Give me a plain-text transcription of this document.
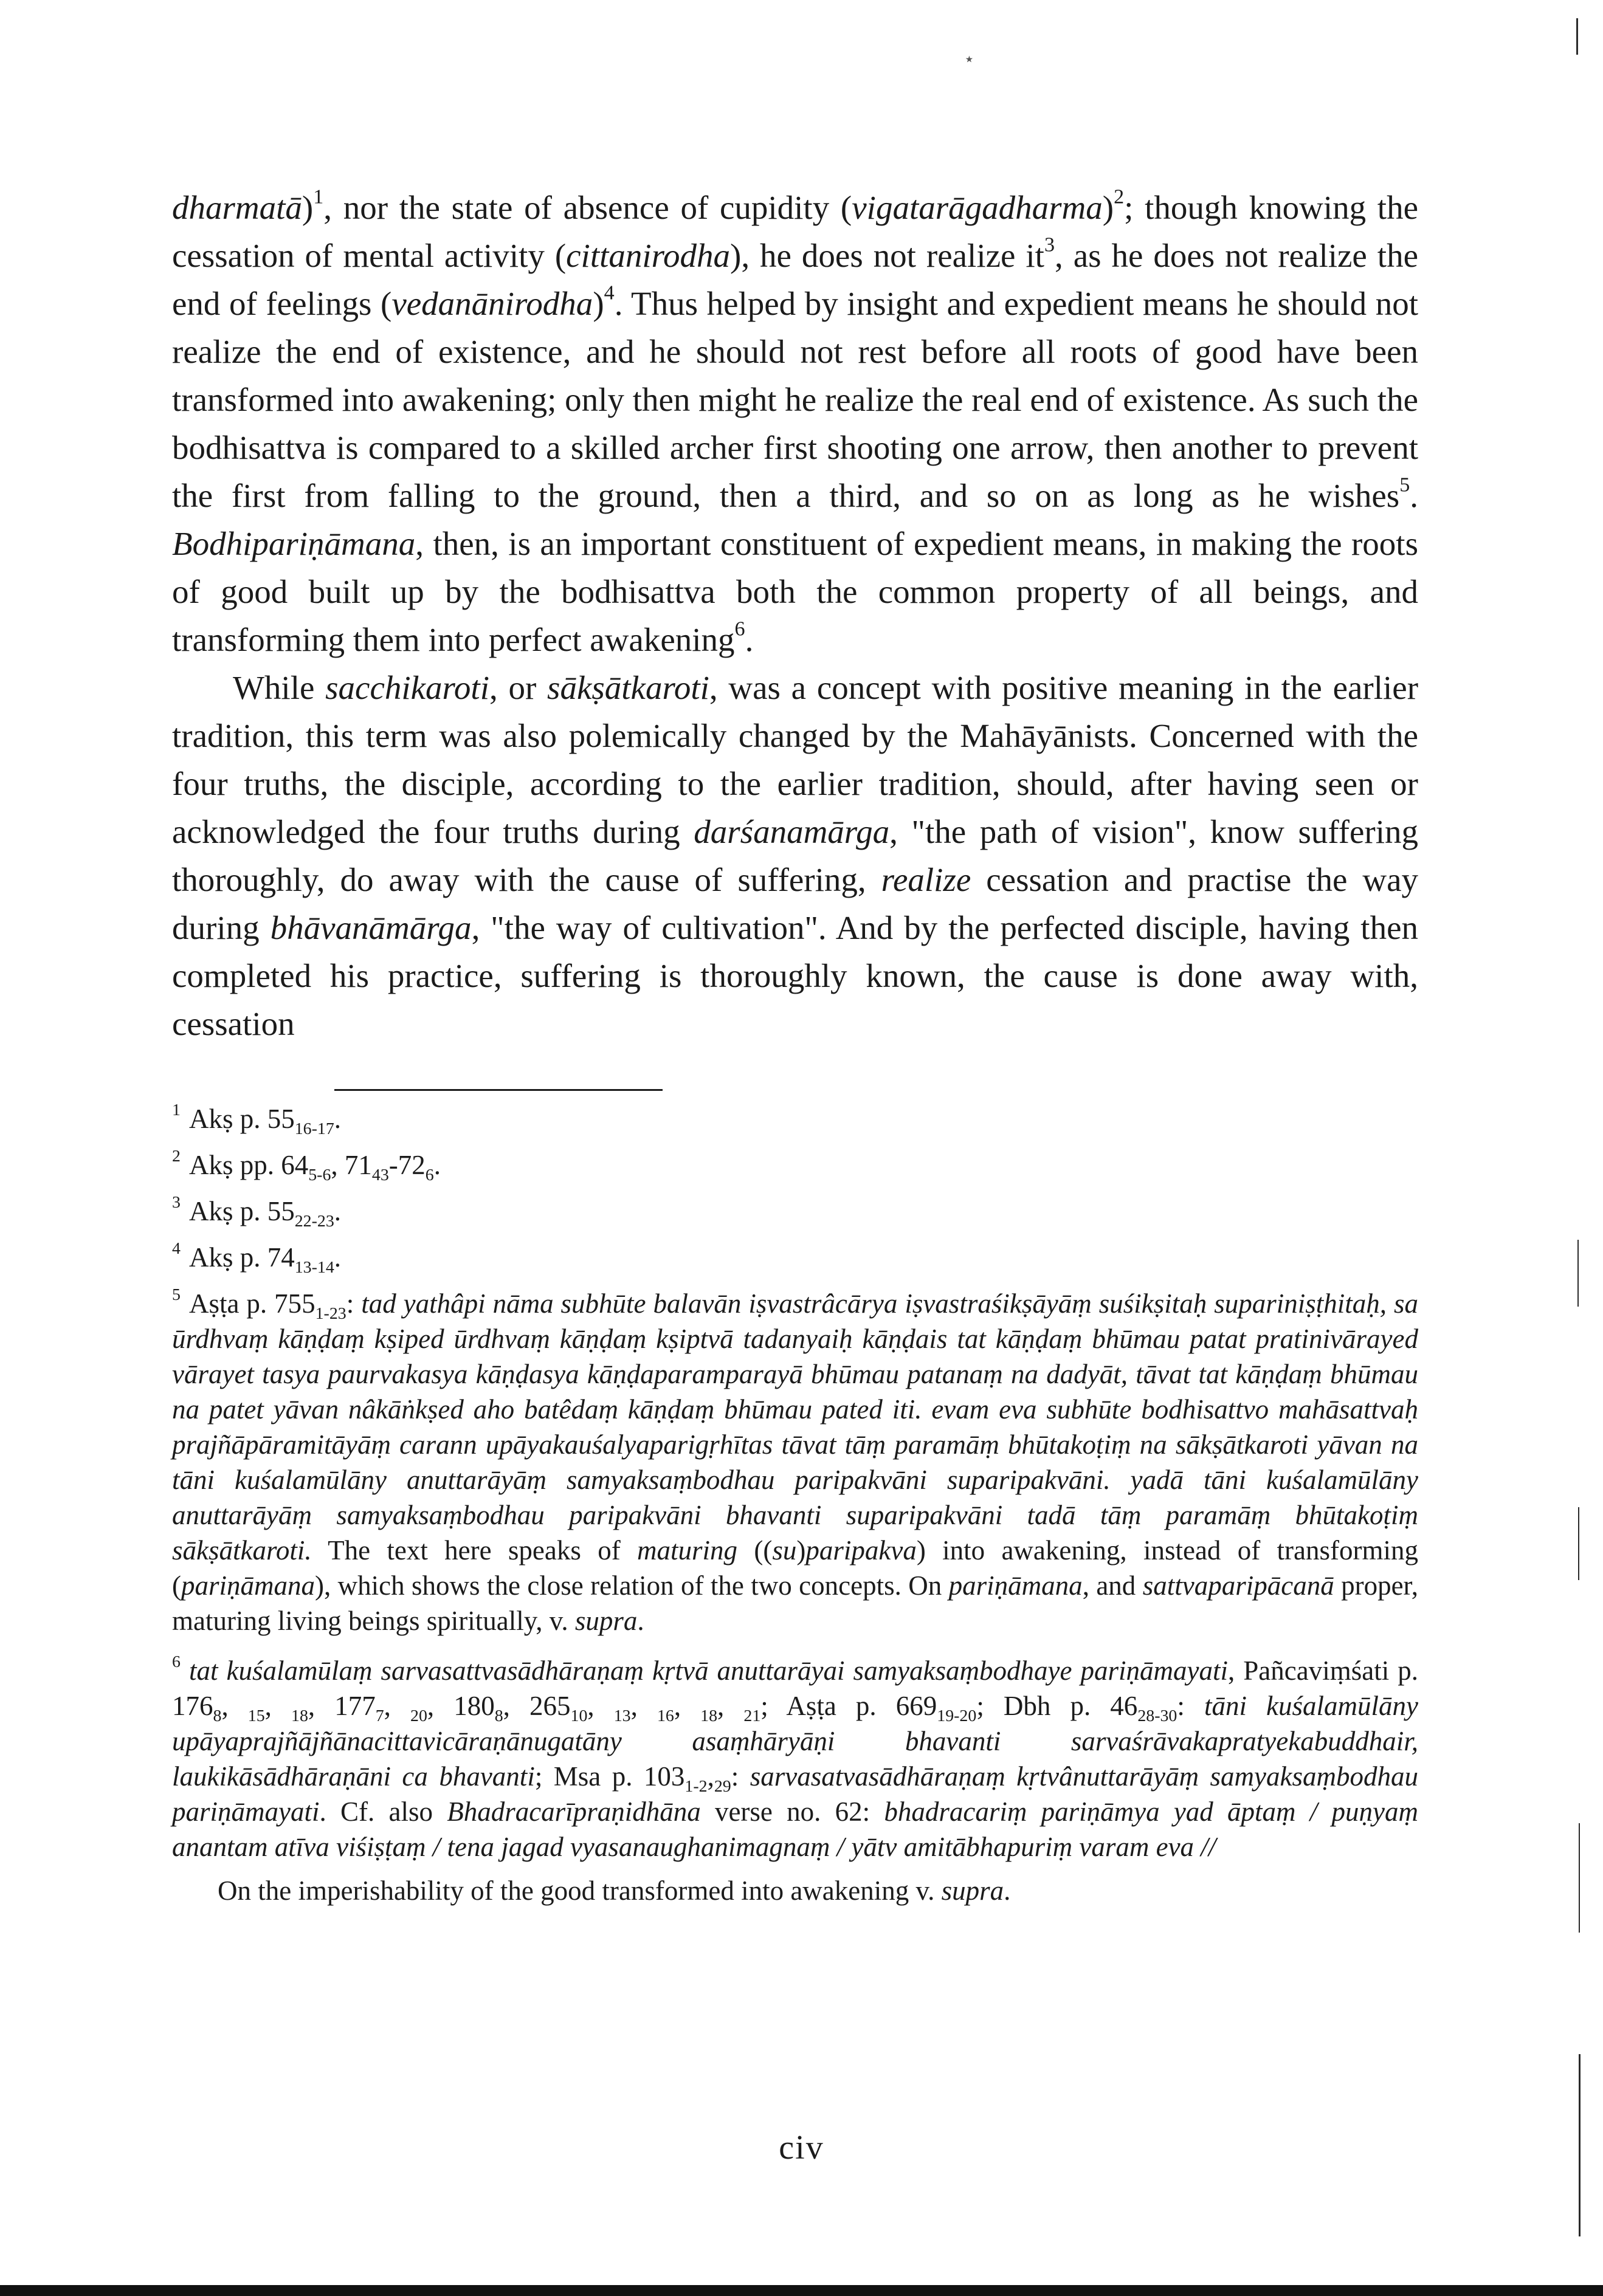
dharmatā)$^1$, nor the state of absence of cupidity (vigatarāgadharma)$^2$; though knowing the cessation of mental activity (cittanirodha), he does not realize $it^3$, as he does not realize the end of feelings (vedanānirodha)$^4$. Thus helped by insight and expedient means he should not realize the end of existence, and he should not rest before all roots of good have been transformed into awakening; only then might he realize the real end of existence. As such the bodhisattva is compared to a skilled archer first shooting one arrow, then another to prevent the first from falling to the ground, then a third, and so on as long as he wishes$^5$. Bodhipariṇāmana, then, is an important constituent of expedient means, in making the roots of good built up by the bodhisattva both the common property of all beings, and transforming them into perfect awakening$^6$.

While sacchikaroti, or sākṣātkaroti, was a concept with positive meaning in the earlier tradition, this term was also polemically changed by the Mahāyānists. Concerned with the four truths, the disciple, according to the earlier tradition, should, after having seen or acknowledged the four truths during darśanamārga, "the path of vision", know suffering thoroughly, do away with the cause of suffering, realize cessation and practise the way during bhāvanāmārga, "the way of cultivation". And by the perfected disciple, having then completed his practice, suffering is thoroughly known, the cause is done away with, cessation

$^1$ Akṣ p. $55_{16-17}$.

$^2$ Akṣ pp. $64_{5-6}$, $71_{43}-72_6$.

$^3$ Akṣ p. $55_{22-23}$.

$^4$ Akṣ p. $74_{13-14}$.

$^5$ Aṣṭa p. $755_{1-23}$: tad yathâpi nāma subhūte balavān iṣvastrâcārya iṣvastraśikṣāyāṃ suśikṣitaḥ supariniṣṭhitaḥ, sa ūrdhvaṃ kāṇḍaṃ kṣiped ūrdhvaṃ kāṇḍaṃ kṣiptvā tadanyaiḥ kāṇḍais tat kāṇḍaṃ bhūmau patat pratinivārayed vārayet tasya paurvakasya kāṇḍasya kāṇḍaparamparayā bhūmau patanaṃ na dadyāt, tāvat tat kāṇḍaṃ bhūmau na patet yāvan nâkāṅkṣed aho batêdaṃ kāṇḍaṃ bhūmau pated iti. evam eva subhūte bodhisattvo mahāsattvaḥ prajñāpāramitāyāṃ carann upāyakauśalyaparigṛhītas tāvat tāṃ paramāṃ bhūtakoṭiṃ na sākṣātkaroti yāvan na tāni kuśalamūlāny anuttarāyāṃ samyaksaṃbodhau paripakvāni suparipakvāni. yadā tāni kuśalamūlāny anuttarāyāṃ samyaksaṃbodhau paripakvāni bhavanti suparipakvāni tadā tāṃ paramāṃ bhūtakoṭiṃ sākṣātkaroti. The text here speaks of maturing ((su)paripakva) into awakening, instead of transforming (pariṇāmana), which shows the close relation of the two concepts. On pariṇāmana, and sattvaparipācanā proper, maturing living beings spiritually, v. supra.

$^6$ tat kuśalamūlaṃ sarvasattvasādhāraṇaṃ kṛtvā anuttarāyai samyaksaṃbodhaye pariṇāmayati, Pañcaviṃśati p. $176_8$, $_{15}$, $_{18}$, $177_7$, $_{20}$, $180_8$, $265_{10}$, $_{13}$, $_{16}$, $_{18}$, $_{21}$; Aṣṭa p. $669_{19-20}$; Dbh p. $46_{28-30}$: tāni kuśalamūlāny upāyaprajñājñānacittavicāraṇānugatāny asaṃhāryāṇi bhavanti sarvaśrāvakapratyekabuddhair, laukikāsādhāraṇāni ca bhavanti; Msa p. $103_{1-2},_{29}$: sarvasatvasādhāraṇaṃ kṛtvânuttarāyāṃ samyaksaṃbodhau pariṇāmayati. Cf. also Bhadracarīpraṇidhāna verse no. 62: bhadracariṃ pariṇāmya yad āptaṃ / puṇyaṃ anantam atīva viśiṣṭaṃ / tena jagad vyasanaughanimagnaṃ / yātv amitābhapuriṃ varam eva //

On the imperishability of the good transformed into awakening v. supra.

civ
⋆
